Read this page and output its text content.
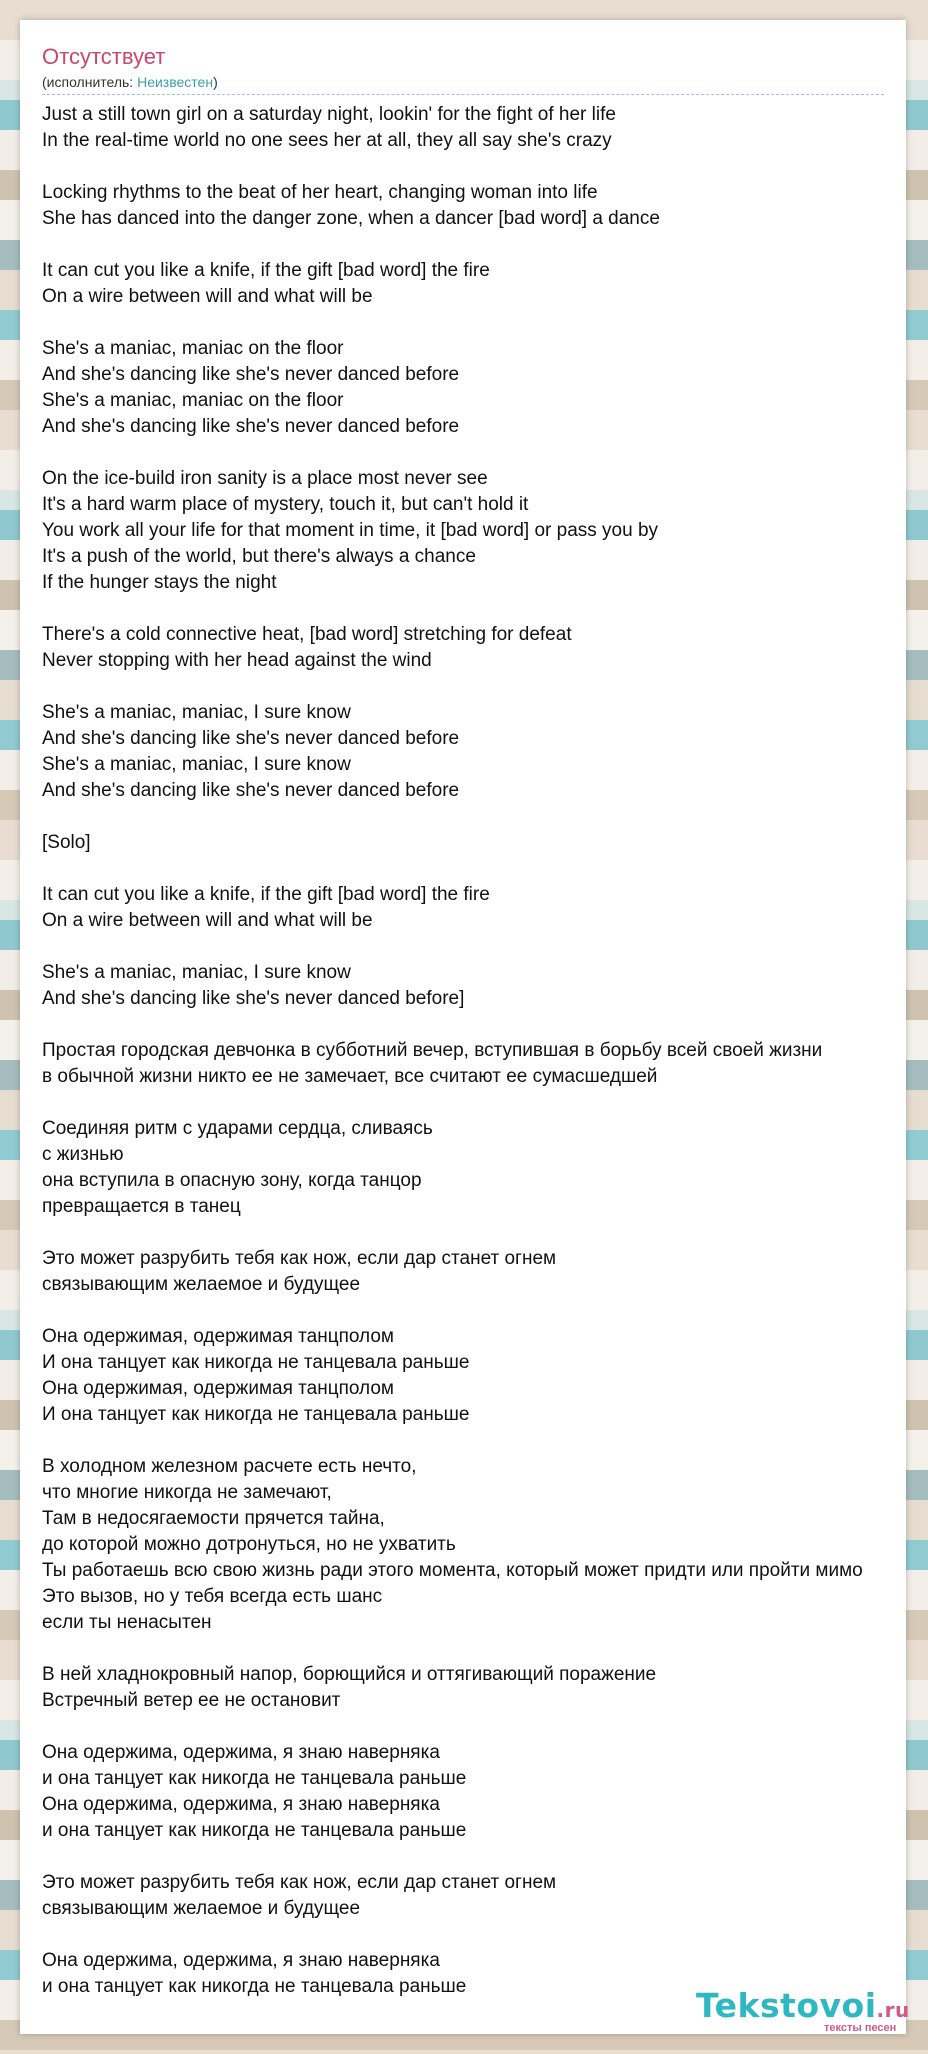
Отсутствует
(исполнитель: Неизвестен)
Just a still town girl on a saturday night, lookin' for the fight of her life
In the real-time world no one sees her at all, they all say she's crazy
Locking rhythms to the beat of her heart, changing woman into life
She has danced into the danger zone, when a dancer [bad word] a dance
It can cut you like a knife, if the gift [bad word] the fire
On a wire between will and what will be
She's a maniac, maniac on the floor
And she's dancing like she's never danced before
She's a maniac, maniac on the floor
And she's dancing like she's never danced before
On the ice-build iron sanity is a place most never see
It's a hard warm place of mystery, touch it, but can't hold it
You work all your life for that moment in time, it [bad word] or pass you by
It's a push of the world, but there's always a chance
If the hunger stays the night
There's a cold connective heat, [bad word] stretching for defeat
Never stopping with her head against the wind
She's a maniac, maniac, I sure know
And she's dancing like she's never danced before
She's a maniac, maniac, I sure know
And she's dancing like she's never danced before
[Solo]
It can cut you like a knife, if the gift [bad word] the fire
On a wire between will and what will be
She's a maniac, maniac, I sure know
And she's dancing like she's never danced before]
Простая городская девчонка в субботний вечер, вступившая в борьбу всей своей жизни
в обычной жизни никто ее не замечает, все считают ее сумасшедшей
Соединяя ритм с ударами сердца, сливаясь
с жизнью
она вступила в опасную зону, когда танцор
превращается в танец
Это может разрубить тебя как нож, если дар станет огнем
связывающим желаемое и будущее
Она одержимая, одержимая танцполом
И она танцует как никогда не танцевала раньше
Она одержимая, одержимая танцполом
И она танцует как никогда не танцевала раньше
В холодном железном расчете есть нечто,
что многие никогда не замечают,
Там в недосягаемости прячется тайна,
до которой можно дотронуться, но не ухватить
Ты работаешь всю свою жизнь ради этого момента, который может придти или пройти мимо
Это вызов, но у тебя всегда есть шанс
если ты ненасытен
В ней хладнокровный напор, борющийся и оттягивающий поражение
Встречный ветер ее не остановит
Она одержима, одержима, я знаю наверняка
и она танцует как никогда не танцевала раньше
Она одержима, одержима, я знаю наверняка
и она танцует как никогда не танцевала раньше
Это может разрубить тебя как нож, если дар станет огнем
связывающим желаемое и будущее
Она одержима, одержима, я знаю наверняка
и она танцует как никогда не танцевала раньше	Tekstovoi.ru
тексты песен
